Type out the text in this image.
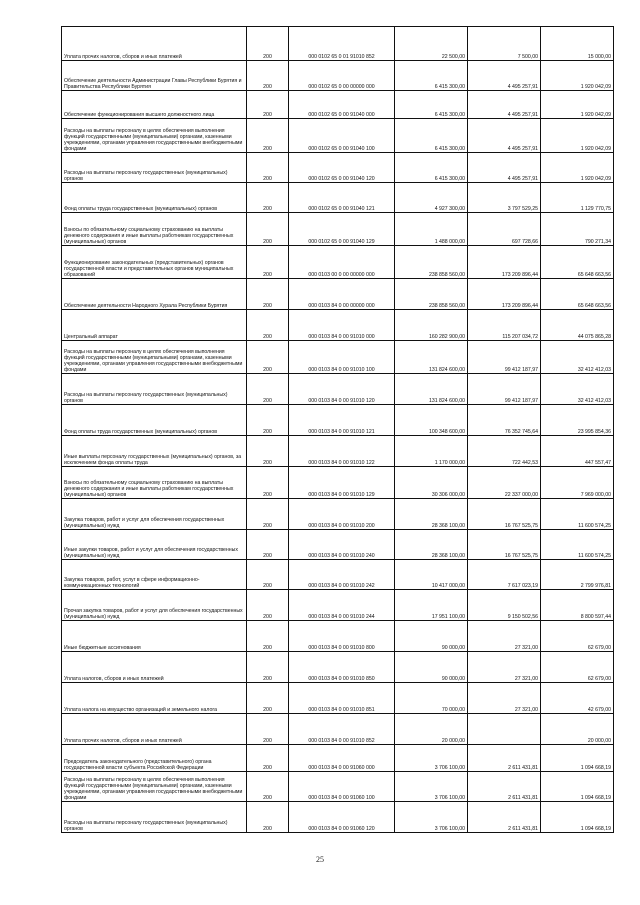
Уплата прочих налогов, сборов и иных платежей	200	000 0102 65 0 01 91010 852	22 500,00	7 500,00	15 000,00
Обеспечение деятельности Администрации Главы Республики Бурятия и Правительства Республики Бурятия	200	000 0102 65 0 00 00000 000	6 415 300,00	4 495 257,91	1 920 042,09
Обеспечение функционирования высшего должностного лица	200	000 0102 65 0 00 91040 000	6 415 300,00	4 495 257,91	1 920 042,09
Расходы на выплаты персоналу в целях обеспечения выполнения функций государственными (муниципальными) органами, казенными учреждениями, органами управления государственными внебюджетными фондами	200	000 0102 65 0 00 91040 100	6 415 300,00	4 495 257,91	1 920 042,09
Расходы на выплаты персоналу государственных (муниципальных) органов	200	000 0102 65 0 00 91040 120	6 415 300,00	4 495 257,91	1 920 042,09
Фонд оплаты труда государственных (муниципальных) органов	200	000 0102 65 0 00 91040 121	4 927 300,00	3 797 529,25	1 129 770,75
Взносы по обязательному социальному страхованию на выплаты денежного содержания и иные выплаты работникам государственных (муниципальных) органов	200	000 0102 65 0 00 91040 129	1 488 000,00	697 728,66	790 271,34
Функционирование законодательных (представительных) органов государственной власти и представительных органов муниципальных образований	200	000 0103 00 0 00 00000 000	238 858 560,00	173 209 896,44	65 648 663,56
Обеспечение деятельности Народного Хурала Республики Бурятия	200	000 0103 84 0 00 00000 000	238 858 560,00	173 209 896,44	65 648 663,56
Центральный аппарат	200	000 0103 84 0 00 91010 000	160 282 900,00	115 207 034,72	44 075 865,28
Расходы на выплаты персоналу в целях обеспечения выполнения функций государственными (муниципальными) органами, казенными учреждениями, органами управления государственными внебюджетными фондами	200	000 0103 84 0 00 91010 100	131 824 600,00	99 412 187,97	32 412 412,03
Расходы на выплаты персоналу государственных (муниципальных) органов	200	000 0103 84 0 00 91010 120	131 824 600,00	99 412 187,97	32 412 412,03
Фонд оплаты труда государственных (муниципальных) органов	200	000 0103 84 0 00 91010 121	100 348 600,00	76 352 745,64	23 995 854,36
Иные выплаты персоналу государственных (муниципальных) органов, за исключением фонда оплаты труда	200	000 0103 84 0 00 91010 122	1 170 000,00	722 442,53	447 557,47
Взносы по обязательному социальному страхованию на выплаты денежного содержания и иные выплаты работникам государственных (муниципальных) органов	200	000 0103 84 0 00 91010 129	30 306 000,00	22 337 000,00	7 969 000,00
Закупка товаров, работ и услуг для обеспечения государственных (муниципальных) нужд	200	000 0103 84 0 00 91010 200	28 368 100,00	16 767 525,75	11 600 574,25
Иные закупки товаров, работ и услуг для обеспечения государственных (муниципальных) нужд	200	000 0103 84 0 00 91010 240	28 368 100,00	16 767 525,75	11 600 574,25
Закупка товаров, работ, услуг в сфере информационно-коммуникационных технологий	200	000 0103 84 0 00 91010 242	10 417 000,00	7 617 023,19	2 799 976,81
Прочая закупка товаров, работ и услуг для обеспечения государственных (муниципальных) нужд	200	000 0103 84 0 00 91010 244	17 951 100,00	9 150 502,56	8 800 597,44
Иные бюджетные ассигнования	200	000 0103 84 0 00 91010 800	90 000,00	27 321,00	62 679,00
Уплата налогов, сборов и иных платежей	200	000 0103 84 0 00 91010 850	90 000,00	27 321,00	62 679,00
Уплата налога на имущество организаций и земельного налога	200	000 0103 84 0 00 91010 851	70 000,00	27 321,00	42 679,00
Уплата прочих налогов, сборов и иных платежей	200	000 0103 84 0 00 91010 852	20 000,00		20 000,00
Председатель законодательного (представительного) органа государственной власти субъекта Российской Федерации	200	000 0103 84 0 00 91060 000	3 706 100,00	2 611 431,81	1 094 668,19
Расходы на выплаты персоналу в целях обеспечения выполнения функций государственными (муниципальными) органами, казенными учреждениями, органами управления государственными внебюджетными фондами	200	000 0103 84 0 00 91060 100	3 706 100,00	2 611 431,81	1 094 668,19
Расходы на выплаты персоналу государственных (муниципальных) органов	200	000 0103 84 0 00 91060 120	3 706 100,00	2 611 431,81	1 094 668,19
25
